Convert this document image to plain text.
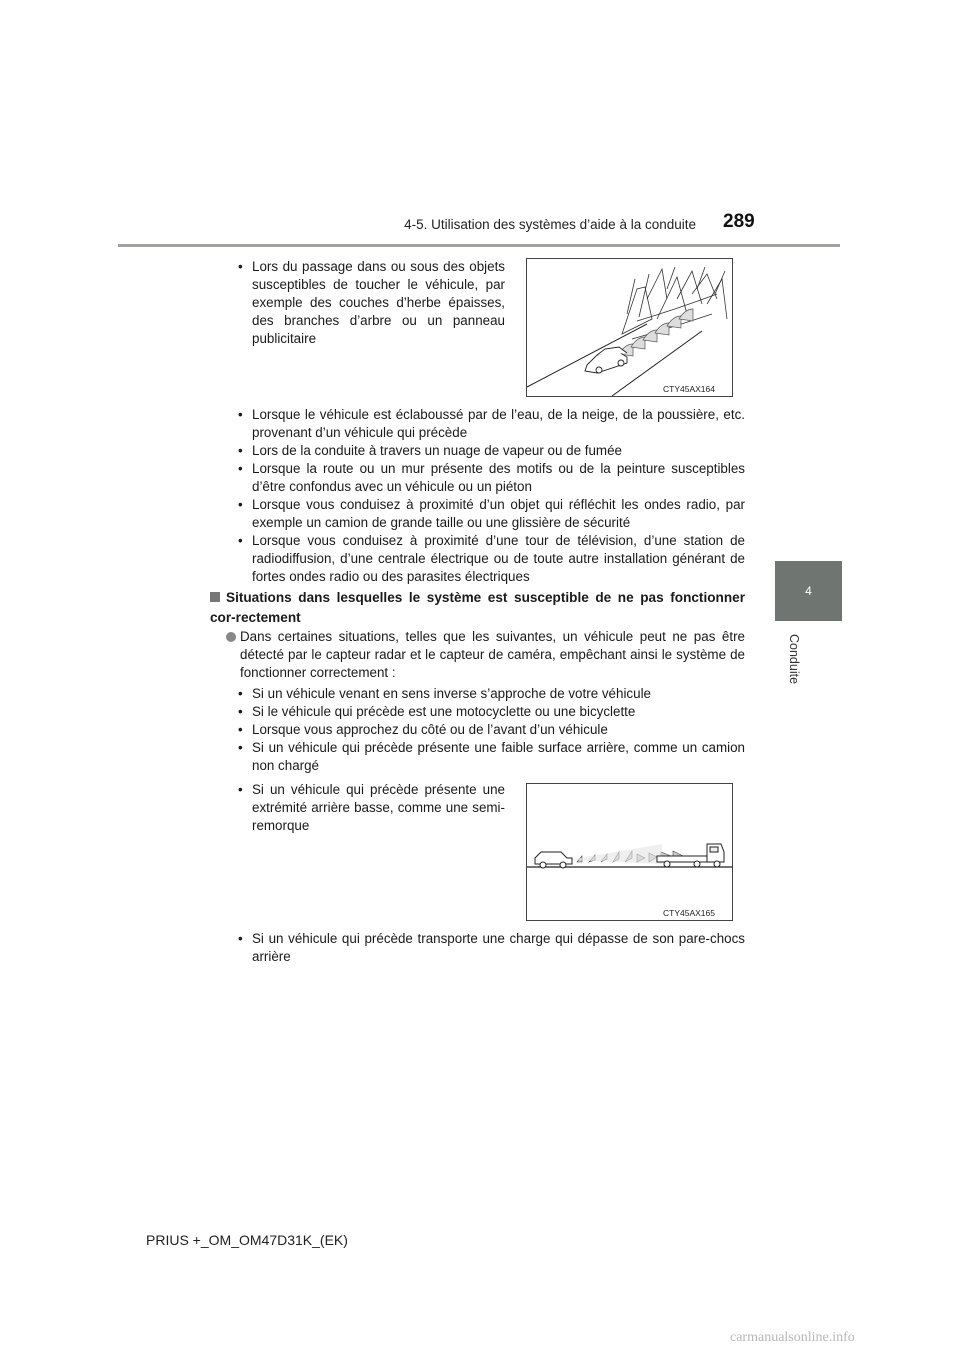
4-5. Utilisation des systèmes d’aide à la conduite 289
4
Conduite
• Lors du passage dans ou sous des objets susceptibles de toucher le véhicule, par exemple des couches d’herbe épaisses, des branches d’arbre ou un panneau publicitaire
CTY45AX164
• Lorsque le véhicule est éclaboussé par de l’eau, de la neige, de la poussière, etc. provenant d’un véhicule qui précède
• Lors de la conduite à travers un nuage de vapeur ou de fumée
• Lorsque la route ou un mur présente des motifs ou de la peinture susceptibles d’être confondus avec un véhicule ou un piéton
• Lorsque vous conduisez à proximité d’un objet qui réfléchit les ondes radio, par exemple un camion de grande taille ou une glissière de sécurité
• Lorsque vous conduisez à proximité d’une tour de télévision, d’une station de radiodiffusion, d’une centrale électrique ou de toute autre installation générant de fortes ondes radio ou des parasites électriques
Situations dans lesquelles le système est susceptible de ne pas fonctionner cor-rectement
Dans certaines situations, telles que les suivantes, un véhicule peut ne pas être détecté par le capteur radar et le capteur de caméra, empêchant ainsi le système de fonctionner correctement :
• Si un véhicule venant en sens inverse s’approche de votre véhicule
• Si le véhicule qui précède est une motocyclette ou une bicyclette
• Lorsque vous approchez du côté ou de l’avant d’un véhicule
• Si un véhicule qui précède présente une faible surface arrière, comme un camion non chargé
• Si un véhicule qui précède présente une extrémité arrière basse, comme une semi-remorque
CTY45AX165
• Si un véhicule qui précède transporte une charge qui dépasse de son pare-chocs arrière
PRIUS +_OM_OM47D31K_(EK)
carmanualsonline.info
